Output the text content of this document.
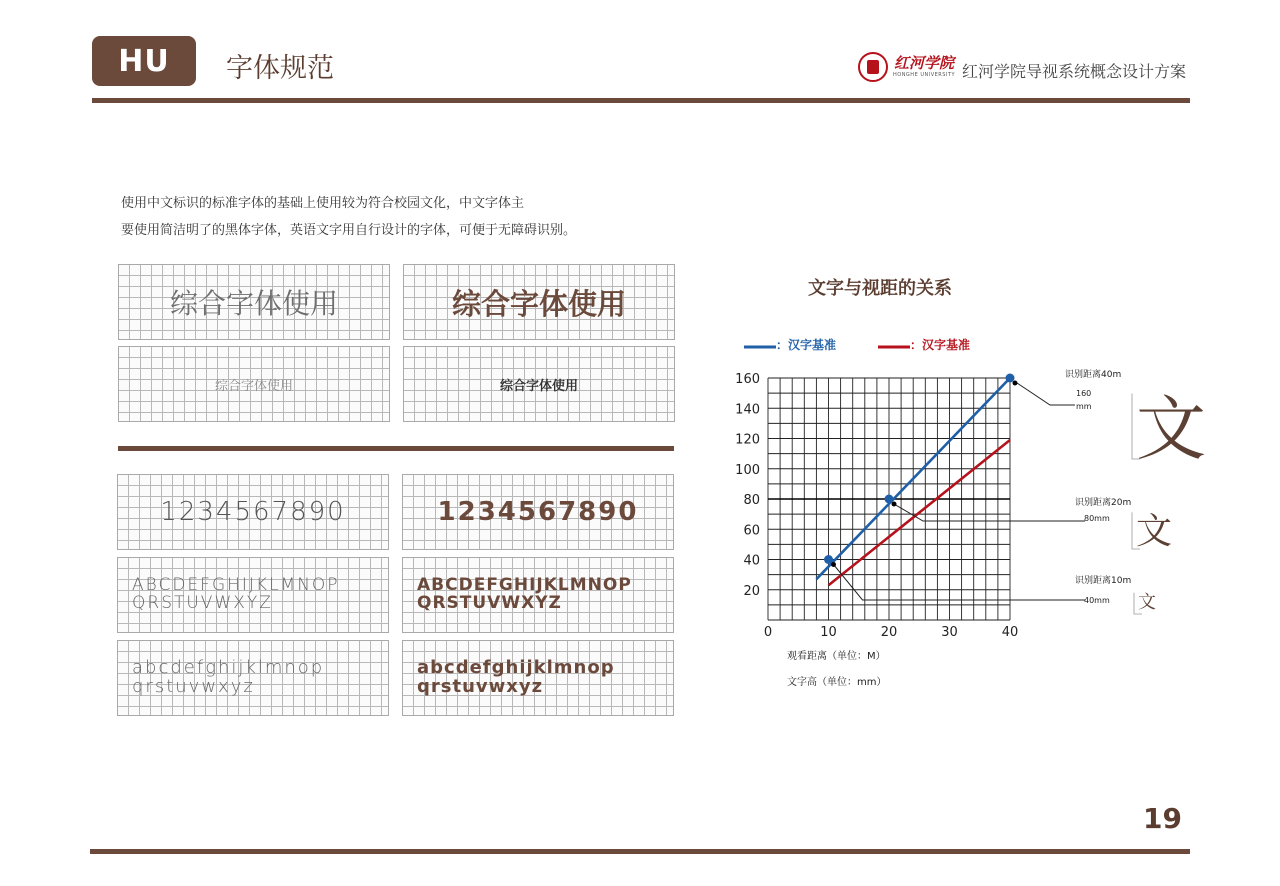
HU	字体规范	红河学院
HONGHE UNIVERSITY 红河学院导视系统概念设计方案
使用中文标识的标准字体的基础上使用较为符合校园文化，中文字体主
要使用简洁明了的黑体字体，英语文字用自行设计的字体，可便于无障碍识别。
综合字体使用	综合字体使用
综合字体使用	综合字体使用
1234567890	1234567890
ABCDEFGHIJKLMNOP
QRSTUVWXYZ
ABCDEFGHIJKLMNOP
QRSTUVWXYZ
abcdefghijklmnop
qrstuvwxyz
abcdefghijklmnop
qrstuvwxyz
文字与视距的关系
20
40
60
80
100
120
140
160
0	10	20	30	40
观看距离（单位：M）
文字高（单位：mm）
：汉字基准	：汉字基准
识别距离40m
160
mm 文
识别距离20m
80mm 文
识别距离10m
40mm 文
19
